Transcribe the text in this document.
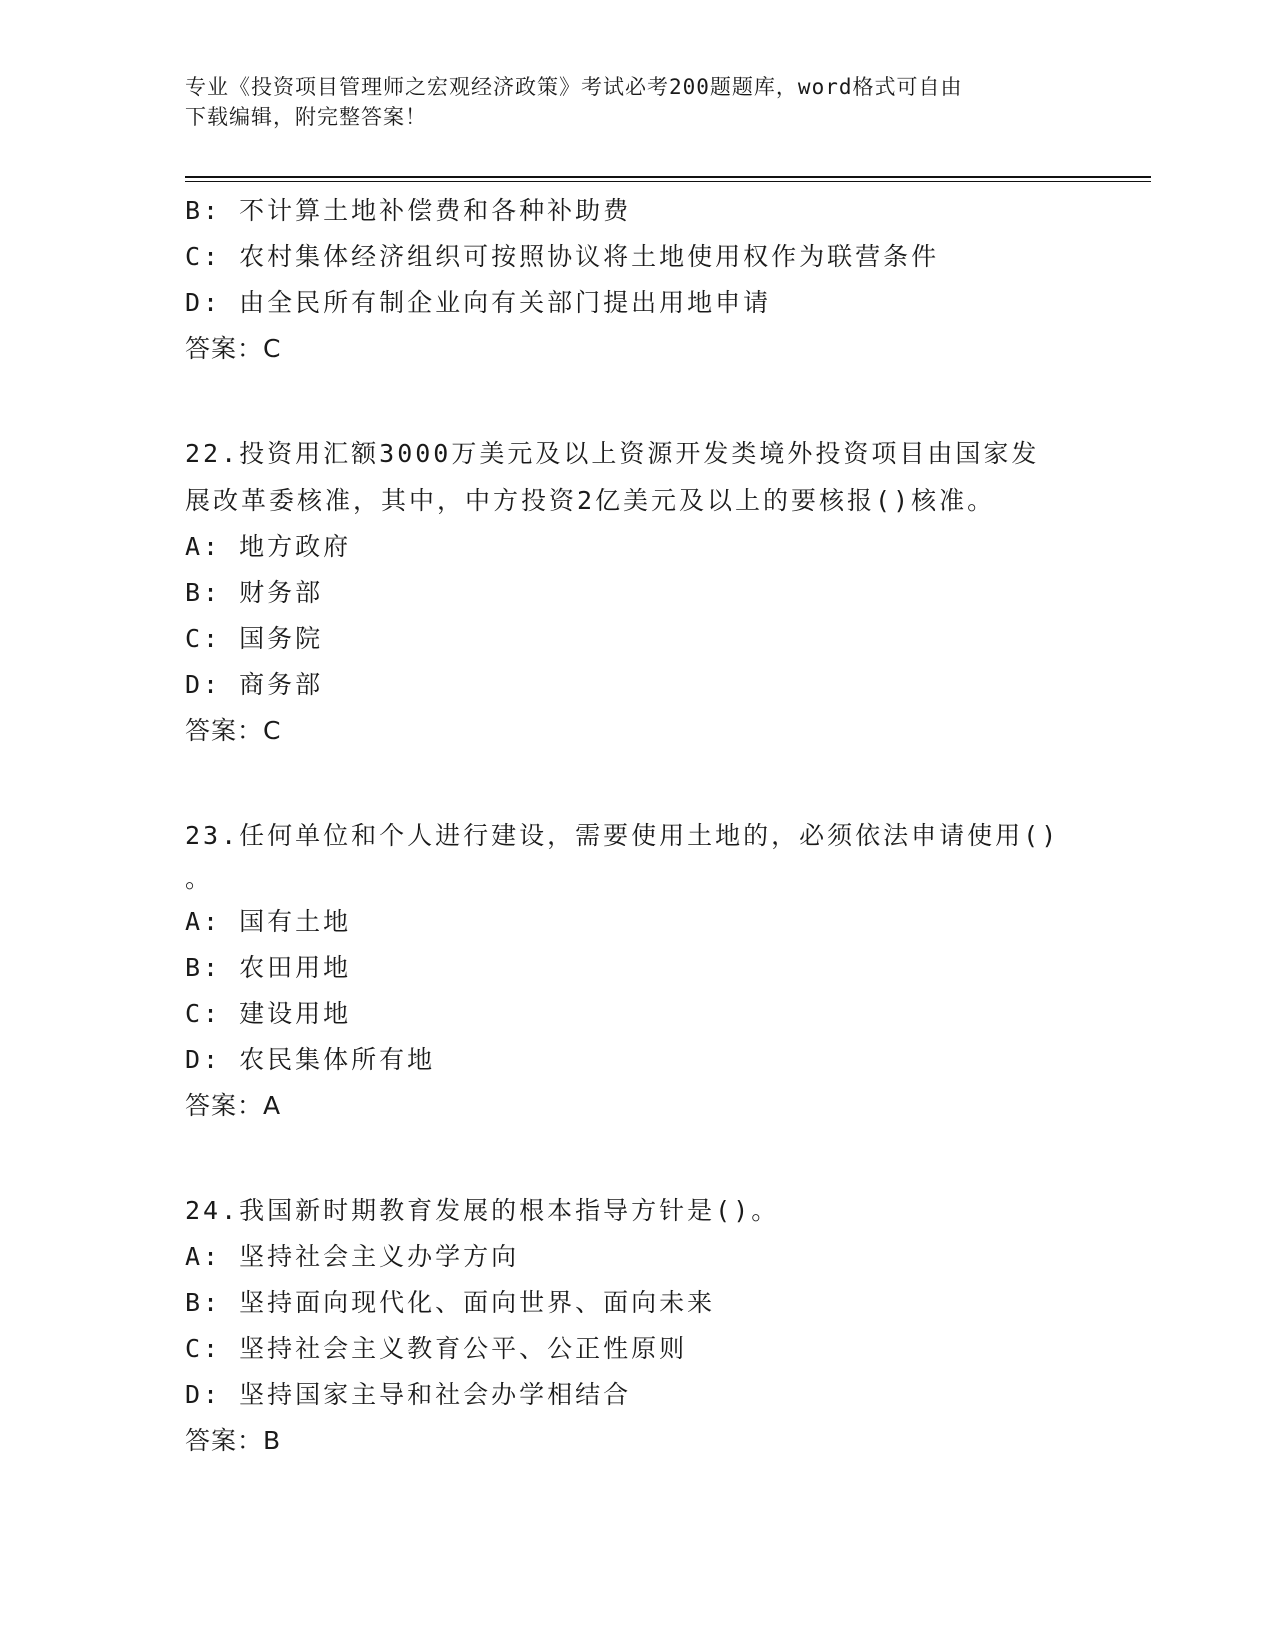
专业《投资项目管理师之宏观经济政策》考试必考200题题库，word格式可自由
下载编辑，附完整答案！
B: 不计算土地补偿费和各种补助费
C: 农村集体经济组织可按照协议将土地使用权作为联营条件
D: 由全民所有制企业向有关部门提出用地申请
答案：C
22.投资用汇额3000万美元及以上资源开发类境外投资项目由国家发
展改革委核准，其中，中方投资2亿美元及以上的要核报()核准。
A: 地方政府
B: 财务部
C: 国务院
D: 商务部
答案：C
23.任何单位和个人进行建设，需要使用土地的，必须依法申请使用()
。
A: 国有土地
B: 农田用地
C: 建设用地
D: 农民集体所有地
答案：A
24.我国新时期教育发展的根本指导方针是()。
A: 坚持社会主义办学方向
B: 坚持面向现代化、面向世界、面向未来
C: 坚持社会主义教育公平、公正性原则
D: 坚持国家主导和社会办学相结合
答案：B
